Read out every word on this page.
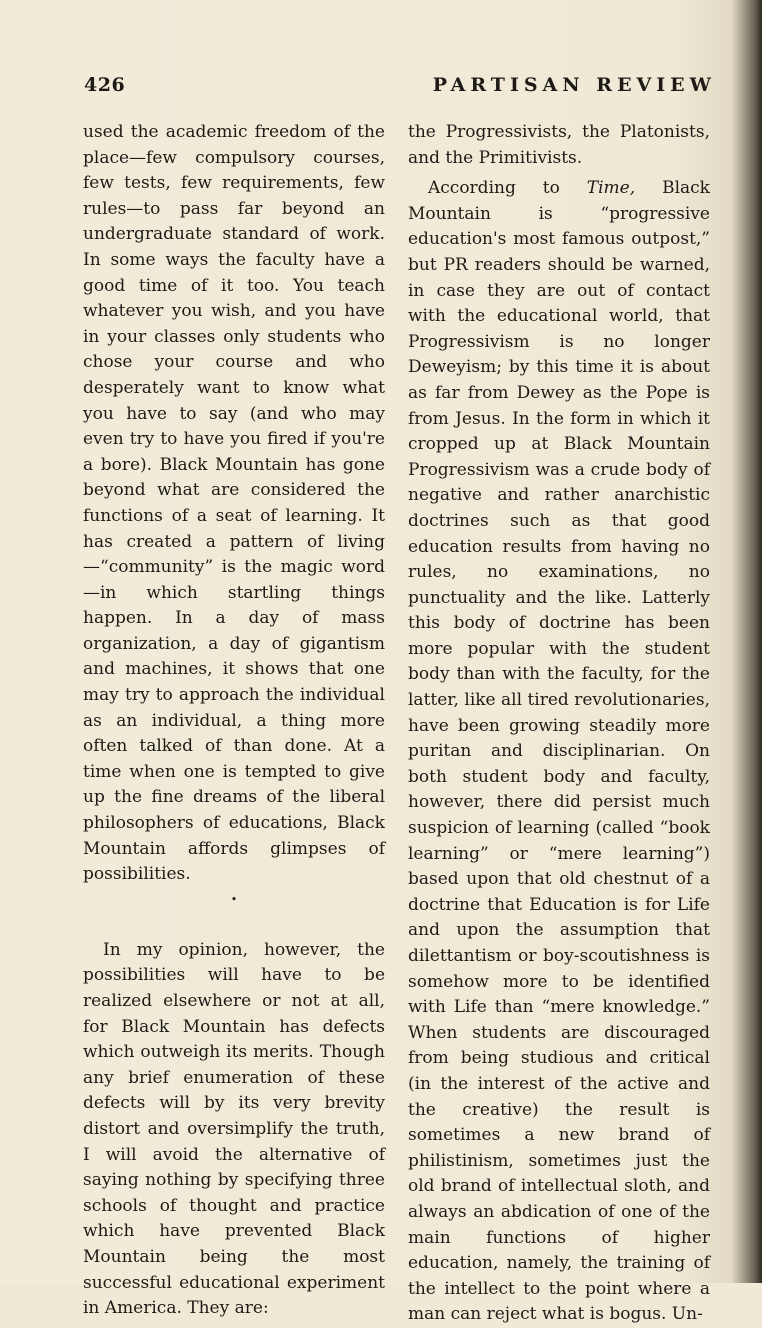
426	PARTISAN REVIEW

used the academic freedom of the place—few compulsory courses, few tests, few requirements, few rules—to pass far beyond an undergraduate standard of work. In some ways the faculty have a good time of it too. You teach whatever you wish, and you have in your classes only students who chose your course and who desperately want to know what you have to say (and who may even try to have you fired if you're a bore). Black Mountain has gone beyond what are considered the functions of a seat of learning. It has created a pattern of living—“community” is the magic word—in which startling things happen. In a day of mass organization, a day of gigantism and machines, it shows that one may try to approach the individual as an individual, a thing more often talked of than done. At a time when one is tempted to give up the fine dreams of the liberal philosophers of educations, Black Mountain affords glimpses of possibilities.

•

In my opinion, however, the possibilities will have to be realized elsewhere or not at all, for Black Mountain has defects which outweigh its merits. Though any brief enumeration of these defects will by its very brevity distort and oversimplify the truth, I will avoid the alternative of saying nothing by specifying three schools of thought and practice which have prevented Black Mountain being the most successful educational experiment in America. They are:

the Progressivists, the Platonists, and the Primitivists.

According to Time, Black Mountain is “progressive education's most famous outpost,” but PR readers should be warned, in case they are out of contact with the educational world, that Progressivism is no longer Deweyism; by this time it is about as far from Dewey as the Pope is from Jesus. In the form in which it cropped up at Black Mountain Progressivism was a crude body of negative and rather anarchistic doctrines such as that good education results from having no rules, no examinations, no punctuality and the like. Latterly this body of doctrine has been more popular with the student body than with the faculty, for the latter, like all tired revolutionaries, have been growing steadily more puritan and disciplinarian. On both student body and faculty, however, there did persist much suspicion of learning (called “book learning” or “mere learning”) based upon that old chestnut of a doctrine that Education is for Life and upon the assumption that dilettantism or boy-scoutishness is somehow more to be identified with Life than “mere knowledge.” When students are discouraged from being studious and critical (in the interest of the active and the creative) the result is sometimes a new brand of philistinism, sometimes just the old brand of intellectual sloth, and always an abdication of one of the main functions of higher education, namely, the training of the intellect to the point where a man can reject what is bogus. Un-
